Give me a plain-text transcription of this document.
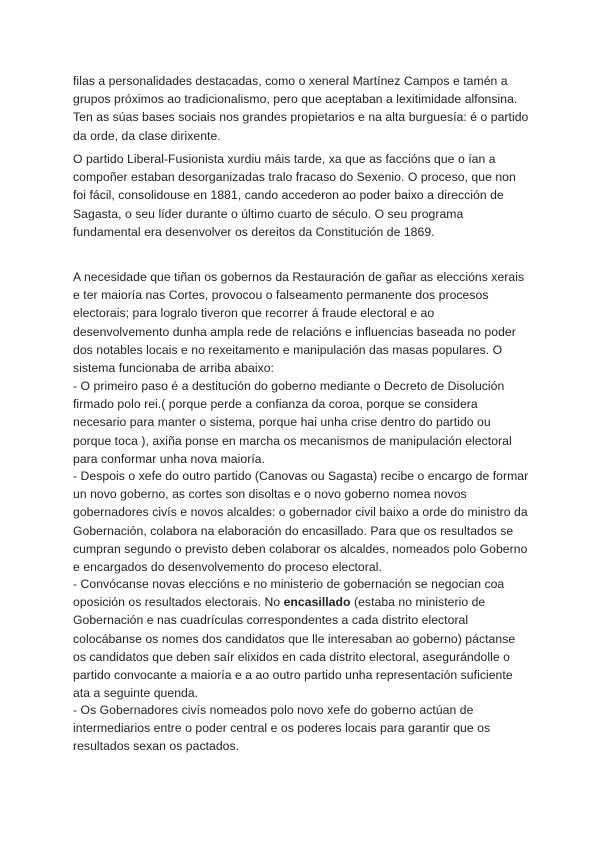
filas a personalidades destacadas, como o xeneral Martínez Campos e tamén a grupos próximos ao tradicionalismo, pero que aceptaban a lexitimidade alfonsina. Ten as súas bases sociais nos grandes propietarios e na alta burguesía: é o partido da orde, da clase dirixente.

O partido Liberal-Fusionista xurdiu máis tarde, xa que as faccións que o ían a compoñer estaban desorganizadas tralo fracaso do Sexenio. O proceso, que non foi fácil, consolidouse en 1881, cando accederon ao poder baixo a dirección de Sagasta, o seu líder durante o último cuarto de século. O seu programa fundamental era desenvolver os dereitos da Constitución de 1869.

A necesidade que tiñan os gobernos da Restauración de gañar as eleccións xerais e ter maioría nas Cortes, provocou o falseamento permanente dos procesos electorais; para logralo tiveron que recorrer á fraude electoral e ao desenvolvemento dunha ampla rede de relacións e influencias baseada no poder dos notables locais e no rexeitamento e manipulación das masas populares. O sistema funcionaba de arriba abaixo:

- O primeiro paso é a destitución do goberno mediante o Decreto de Disolución firmado polo rei.( porque perde a confianza da coroa, porque se considera necesario para manter o sistema, porque hai unha crise dentro do partido ou porque toca ), axiña ponse en marcha os mecanismos de manipulación electoral para conformar unha nova maioría.

- Despois o xefe do outro partido (Canovas ou Sagasta) recibe o encargo de formar un novo goberno, as cortes son disoltas e o novo goberno nomea novos gobernadores civís e novos alcaldes: o gobernador civil baixo a orde do ministro da Gobernación, colabora na elaboración do encasillado. Para que os resultados se cumpran segundo o previsto deben colaborar os alcaldes, nomeados polo Goberno e encargados do desenvolvemento do proceso electoral.

- Convócanse novas eleccións e no ministerio de gobernación se negocian coa oposición os resultados electorais. No encasillado (estaba no ministerio de Gobernación e nas cuadrículas correspondentes a cada distrito electoral colocábanse os nomes dos candidatos que lle interesaban ao goberno) páctanse os candidatos que deben saír elixidos en cada distrito electoral, asegurándolle o partido convocante a maioría e a ao outro partido unha representación suficiente ata a seguinte quenda.

- Os Gobernadores civís nomeados polo novo xefe do goberno actúan de intermediarios entre o poder central e os poderes locais para garantir que os resultados sexan os pactados.
